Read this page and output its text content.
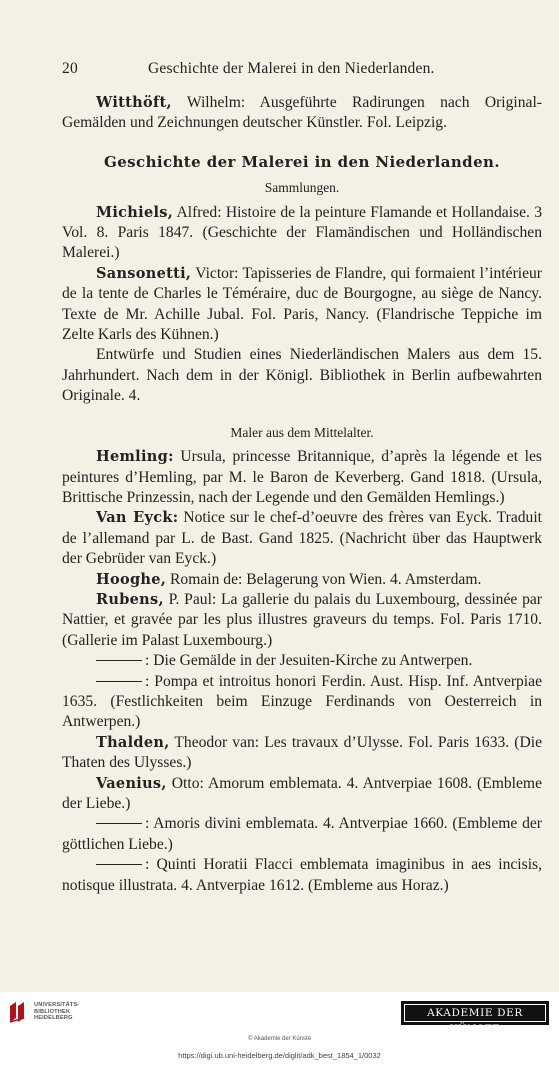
20	Geschichte der Malerei in den Niederlanden.

Witthöft, Wilhelm: Ausgeführte Radirungen nach Original-Gemälden und Zeichnungen deutscher Künstler. Fol. Leipzig.

Geschichte der Malerei in den Niederlanden.
Sammlungen.

Michiels, Alfred: Histoire de la peinture Flamande et Hollandaise. 3 Vol. 8. Paris 1847. (Geschichte der Flamändischen und Holländischen Malerei.)

Sansonetti, Victor: Tapisseries de Flandre, qui formaient l’intérieur de la tente de Charles le Téméraire, duc de Bourgogne, au siège de Nancy. Texte de Mr. Achille Jubal. Fol. Paris, Nancy. (Flandrische Teppiche im Zelte Karls des Kühnen.)

Entwürfe und Studien eines Niederländischen Malers aus dem 15. Jahrhundert. Nach dem in der Königl. Bibliothek in Berlin aufbewahrten Originale. 4.

Maler aus dem Mittelalter.

Hemling: Ursula, princesse Britannique, d’après la légende et les peintures d’Hemling, par M. le Baron de Keverberg. Gand 1818. (Ursula, Brittische Prinzessin, nach der Legende und den Gemälden Hemlings.)

Van Eyck: Notice sur le chef-d’oeuvre des frères van Eyck. Traduit de l’allemand par L. de Bast. Gand 1825. (Nachricht über das Hauptwerk der Gebrüder van Eyck.)

Hooghe, Romain de: Belagerung von Wien. 4. Amsterdam.

Rubens, P. Paul: La gallerie du palais du Luxembourg, dessinée par Nattier, et gravée par les plus illustres graveurs du temps. Fol. Paris 1710. (Gallerie im Palast Luxembourg.)

: Die Gemälde in der Jesuiten-Kirche zu Antwerpen.

: Pompa et introitus honori Ferdin. Aust. Hisp. Inf. Antverpiae 1635. (Festlichkeiten beim Einzuge Ferdinands von Oesterreich in Antwerpen.)

Thalden, Theodor van: Les travaux d’Ulysse. Fol. Paris 1633. (Die Thaten des Ulysses.)

Vaenius, Otto: Amorum emblemata. 4. Antverpiae 1608. (Embleme der Liebe.)

: Amoris divini emblemata. 4. Antverpiae 1660. (Embleme der göttlichen Liebe.)

: Quinti Horatii Flacci emblemata imaginibus in aes incisis, notisque illustrata. 4. Antverpiae 1612. (Embleme aus Horaz.)

UNIVERSITÄTS-
BIBLIOTHEK
HEIDELBERG	AKADEMIE DER KÜNSTE
© Akademie der Künste
https://digi.ub.uni-heidelberg.de/diglit/adk_best_1854_1/0032
